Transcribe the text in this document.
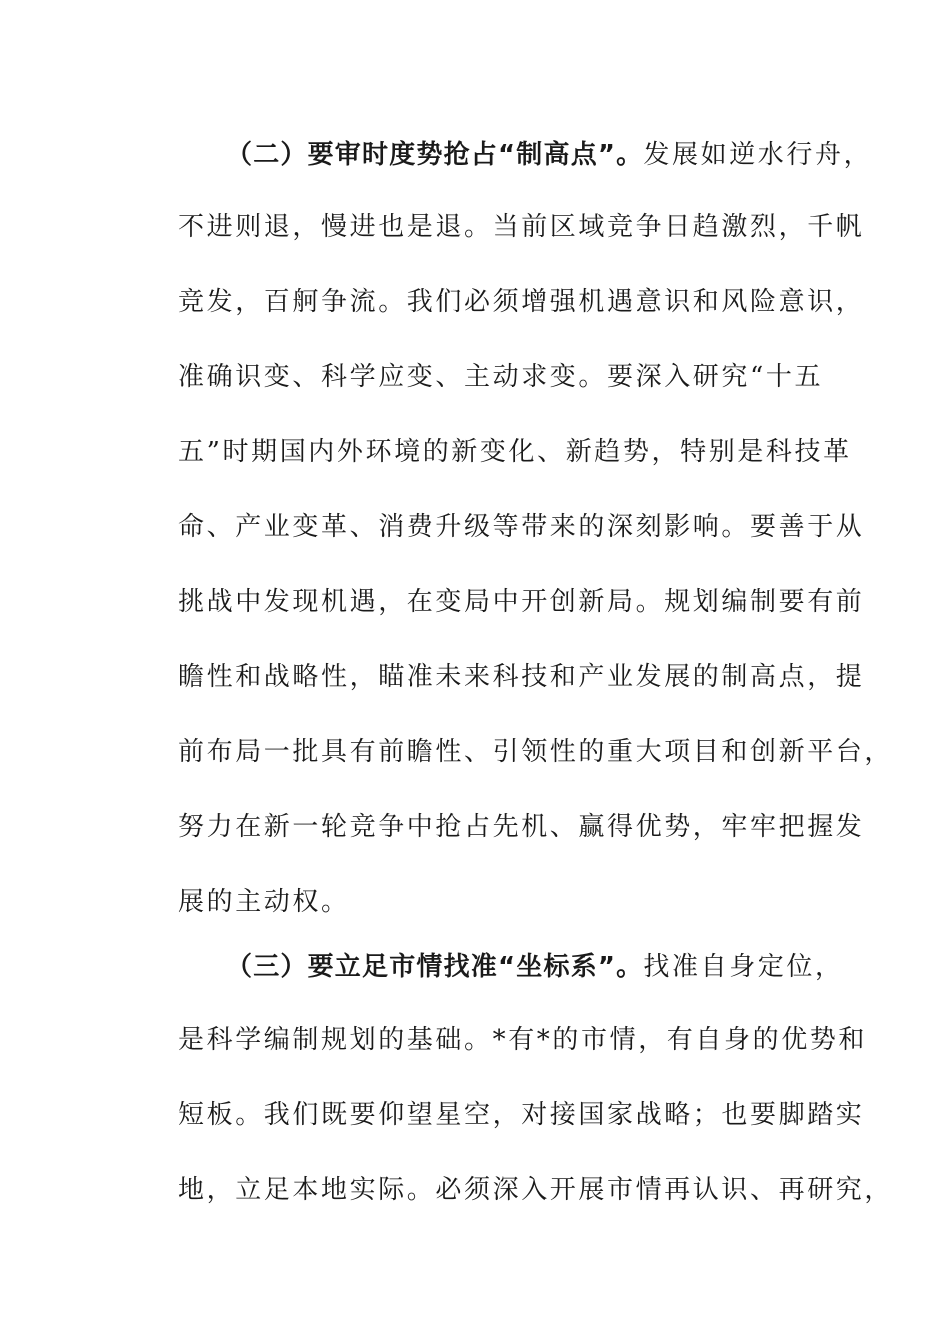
（二）要审时度势抢占“制高点”。发展如逆水行舟，
不进则退，慢进也是退。当前区域竞争日趋激烈，千帆
竞发，百舸争流。我们必须增强机遇意识和风险意识，
准确识变、科学应变、主动求变。要深入研究“十五
五”时期国内外环境的新变化、新趋势，特别是科技革
命、产业变革、消费升级等带来的深刻影响。要善于从
挑战中发现机遇，在变局中开创新局。规划编制要有前
瞻性和战略性，瞄准未来科技和产业发展的制高点，提
前布局一批具有前瞻性、引领性的重大项目和创新平台，
努力在新一轮竞争中抢占先机、赢得优势，牢牢把握发
展的主动权。
（三）要立足市情找准“坐标系”。找准自身定位，
是科学编制规划的基础。*有*的市情，有自身的优势和
短板。我们既要仰望星空，对接国家战略；也要脚踏实
地，立足本地实际。必须深入开展市情再认识、再研究，
